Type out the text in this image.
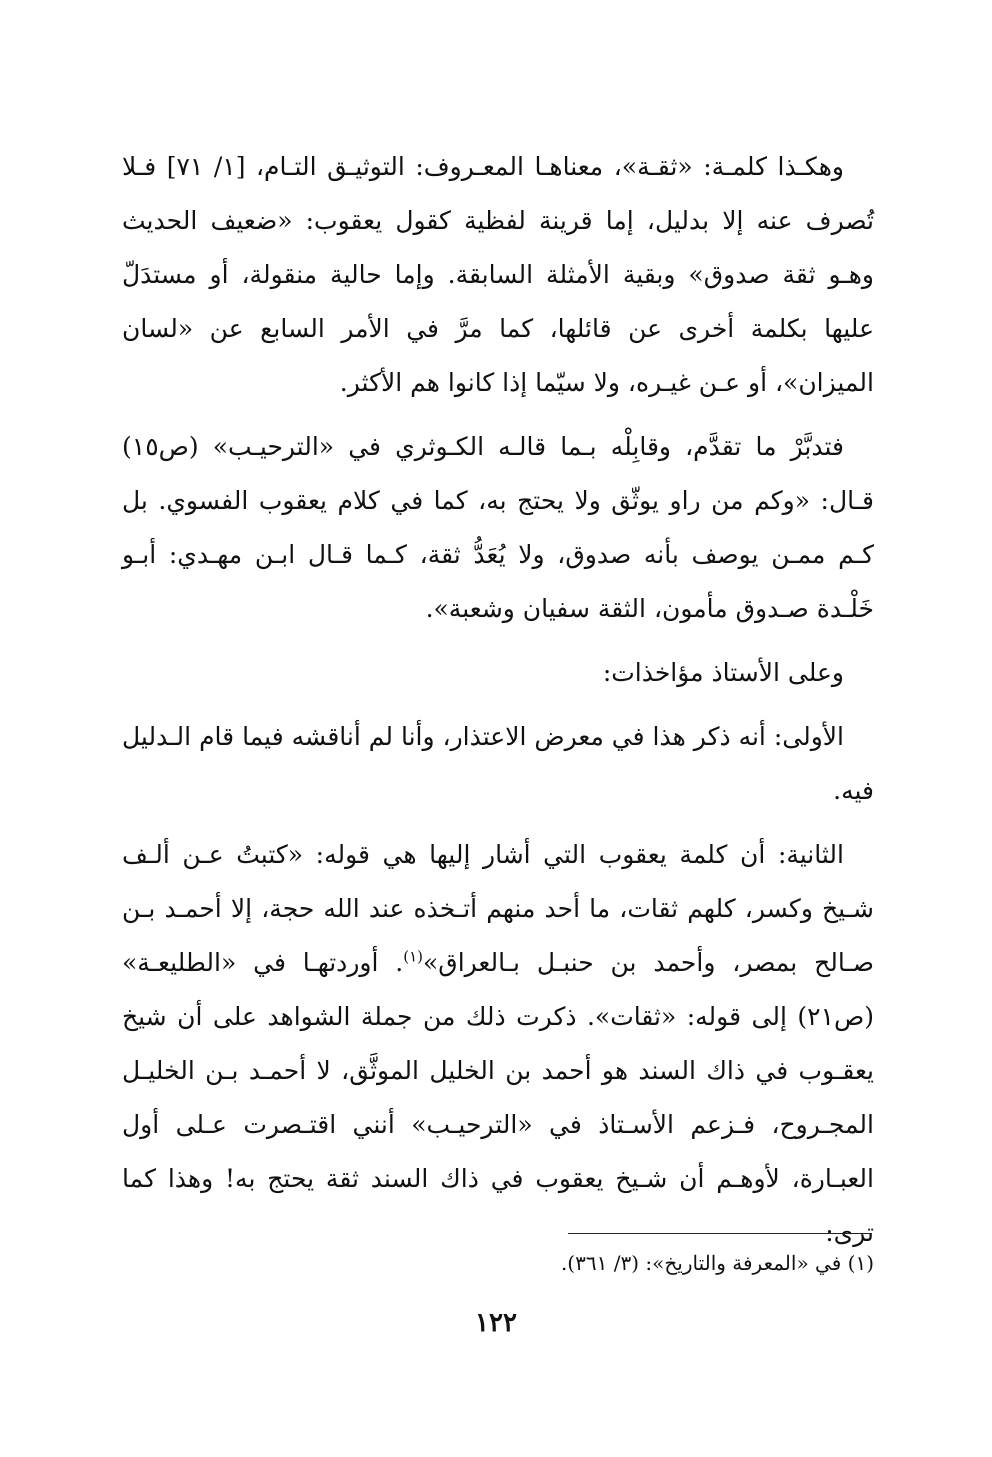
وهكـذا كلمـة: «ثقـة»، معناهـا المعـروف: التوثيـق التـام، [١/ ٧١] فـلا تُصرف عنه إلا بدليل، إما قرينة لفظية كقول يعقوب: «ضعيف الحديث وهـو ثقة صدوق» وبقية الأمثلة السابقة. وإما حالية منقولة، أو مستدَلّ عليها بكلمة أخرى عن قائلها، كما مرَّ في الأمر السابع عن «لسان الميزان»، أو عـن غيـره، ولا سيّما إذا كانوا هم الأكثر.

فتدبَّرْ ما تقدَّم، وقابِلْه بـما قالـه الكـوثري في «الترحيـب» (ص١٥) قـال: «وكم من راو يوثّق ولا يحتج به، كما في كلام يعقوب الفسوي. بل كـم ممـن يوصف بأنه صدوق، ولا يُعَدُّ ثقة، كـما قـال ابـن مهـدي: أبـو خَلْـدة صـدوق مأمون، الثقة سفيان وشعبة».

وعلى الأستاذ مؤاخذات:

الأولى: أنه ذكر هذا في معرض الاعتذار، وأنا لم أناقشه فيما قام الـدليل فيه.

الثانية: أن كلمة يعقوب التي أشار إليها هي قوله: «كتبتُ عـن ألـف شـيخ وكسر، كلهم ثقات، ما أحد منهم أتـخذه عند الله حجة، إلا أحمـد بـن صـالح بمصر، وأحمد بن حنبـل بـالعراق»$^{(١)}$. أوردتهـا في «الطليعـة» (ص٢١) إلى قوله: «ثقات». ذكرت ذلك من جملة الشواهد على أن شيخ يعقـوب في ذاك السند هو أحمد بن الخليل الموثَّق، لا أحمـد بـن الخليـل المجـروح، فـزعم الأسـتاذ في «الترحيـب» أنني اقتـصرت عـلى أول العبـارة، لأوهـم أن شـيخ يعقوب في ذاك السند ثقة يحتج به! وهذا كما ترى:

(١) في «المعرفة والتاريخ»: (٣/ ٣٦١).
١٢٢
